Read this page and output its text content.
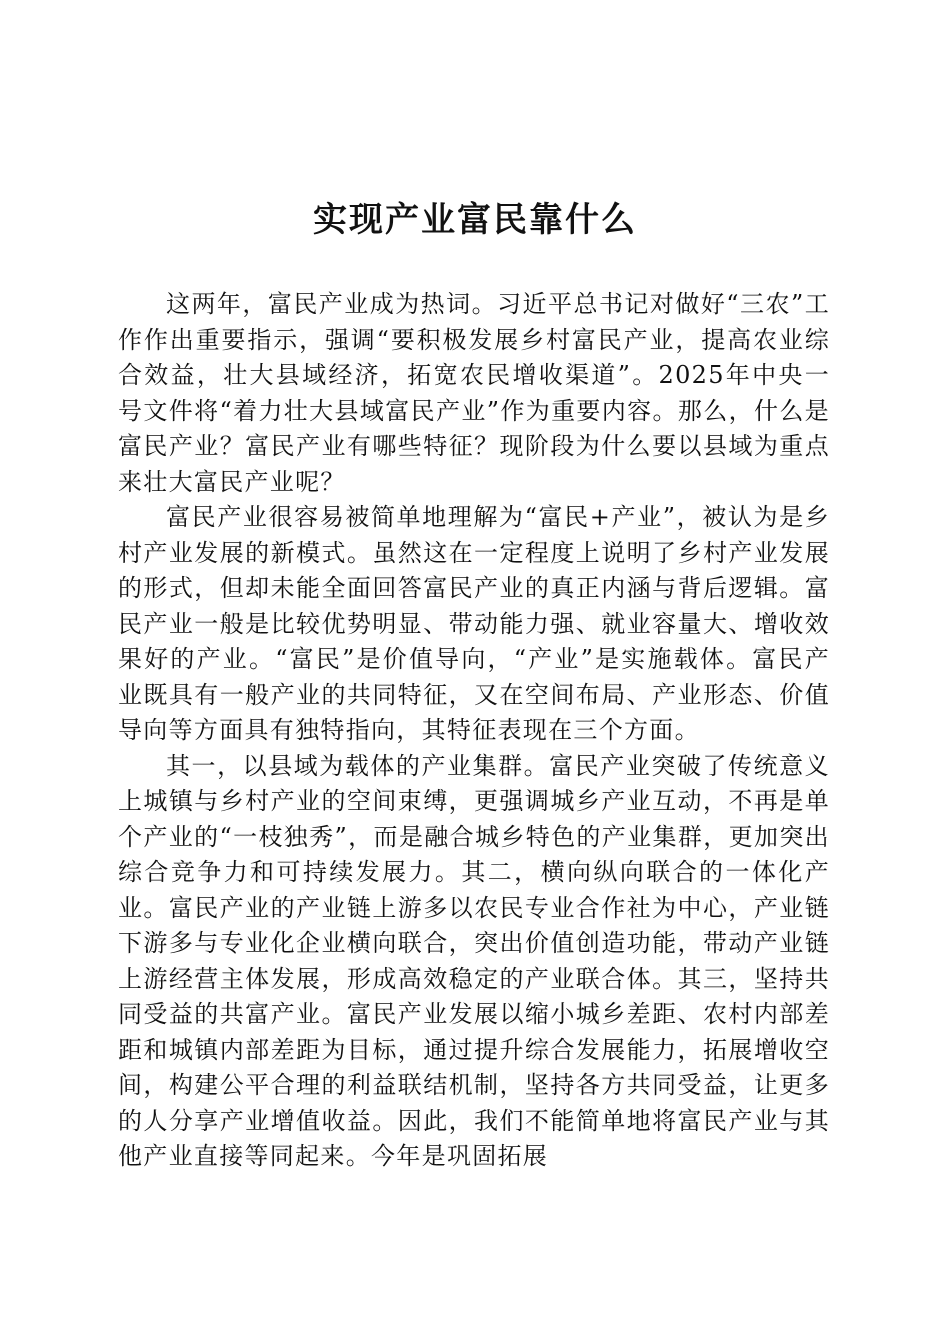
实现产业富民靠什么

这两年，富民产业成为热词。习近平总书记对做好“三农”工作作出重要指示，强调“要积极发展乡村富民产业，提高农业综合效益，壮大县域经济，拓宽农民增收渠道”。2025年中央一号文件将“着力壮大县域富民产业”作为重要内容。那么，什么是富民产业？富民产业有哪些特征？现阶段为什么要以县域为重点来壮大富民产业呢？

富民产业很容易被简单地理解为“富民+产业”，被认为是乡村产业发展的新模式。虽然这在一定程度上说明了乡村产业发展的形式，但却未能全面回答富民产业的真正内涵与背后逻辑。富民产业一般是比较优势明显、带动能力强、就业容量大、增收效果好的产业。“富民”是价值导向，“产业”是实施载体。富民产业既具有一般产业的共同特征，又在空间布局、产业形态、价值导向等方面具有独特指向，其特征表现在三个方面。

其一，以县域为载体的产业集群。富民产业突破了传统意义上城镇与乡村产业的空间束缚，更强调城乡产业互动，不再是单个产业的“一枝独秀”，而是融合城乡特色的产业集群，更加突出综合竞争力和可持续发展力。其二，横向纵向联合的一体化产业。富民产业的产业链上游多以农民专业合作社为中心，产业链下游多与专业化企业横向联合，突出价值创造功能，带动产业链上游经营主体发展，形成高效稳定的产业联合体。其三，坚持共同受益的共富产业。富民产业发展以缩小城乡差距、农村内部差距和城镇内部差距为目标，通过提升综合发展能力，拓展增收空间，构建公平合理的利益联结机制，坚持各方共同受益，让更多的人分享产业增值收益。因此，我们不能简单地将富民产业与其他产业直接等同起来。今年是巩固拓展
